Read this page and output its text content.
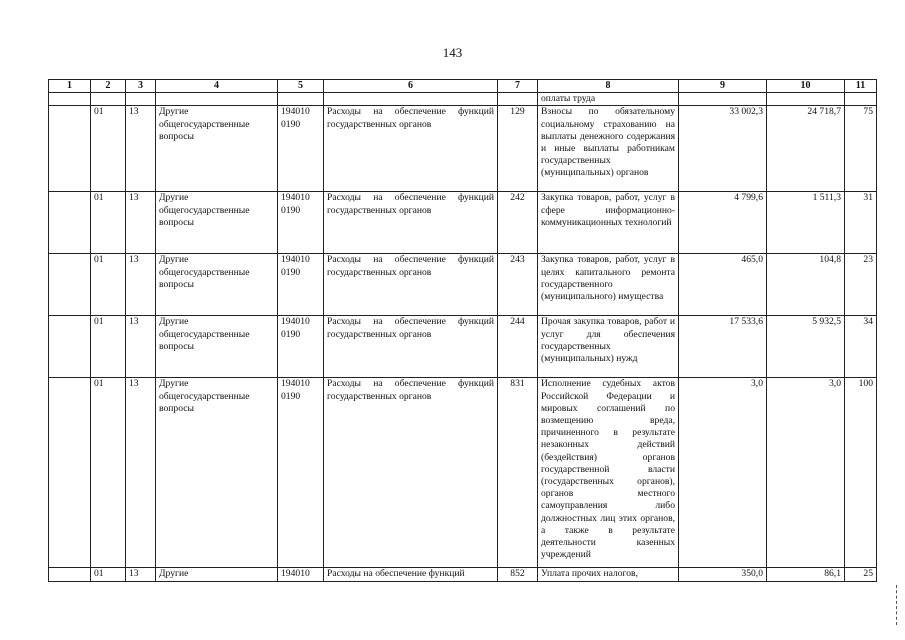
143
1	2	3	4	5	6	7	8	9	10	11
							оплаты труда			
	01	13	Другие общегосударственные вопросы	194010 0190	Расходы на обеспечение функций государственных органов	129	Взносы по обязательному социальному страхованию на выплаты денежного содержания и иные выплаты работникам государственных (муниципальных) органов	33 002,3	24 718,7	75
	01	13	Другие общегосударственные вопросы	194010 0190	Расходы на обеспечение функций государственных органов	242	Закупка товаров, работ, услуг в сфере информационно-коммуникационных технологий	4 799,6	1 511,3	31
	01	13	Другие общегосударственные вопросы	194010 0190	Расходы на обеспечение функций государственных органов	243	Закупка товаров, работ, услуг в целях капитального ремонта государственного (муниципального) имущества	465,0	104,8	23
	01	13	Другие общегосударственные вопросы	194010 0190	Расходы на обеспечение функций государственных органов	244	Прочая закупка товаров, работ и услуг для обеспечения государственных (муниципальных) нужд	17 533,6	5 932,5	34
	01	13	Другие общегосударственные вопросы	194010 0190	Расходы на обеспечение функций государственных органов	831	Исполнение судебных актов Российской Федерации и мировых соглашений по возмещению вреда, причиненного в результате незаконных действий (бездействия) органов государственной власти (государственных органов), органов местного самоуправления либо должностных лиц этих органов, а также в результате деятельности казенных учреждений	3,0	3,0	100
	01	13	Другие	194010	Расходы на обеспечение функций	852	Уплата прочих налогов,	350,0	86,1	25
